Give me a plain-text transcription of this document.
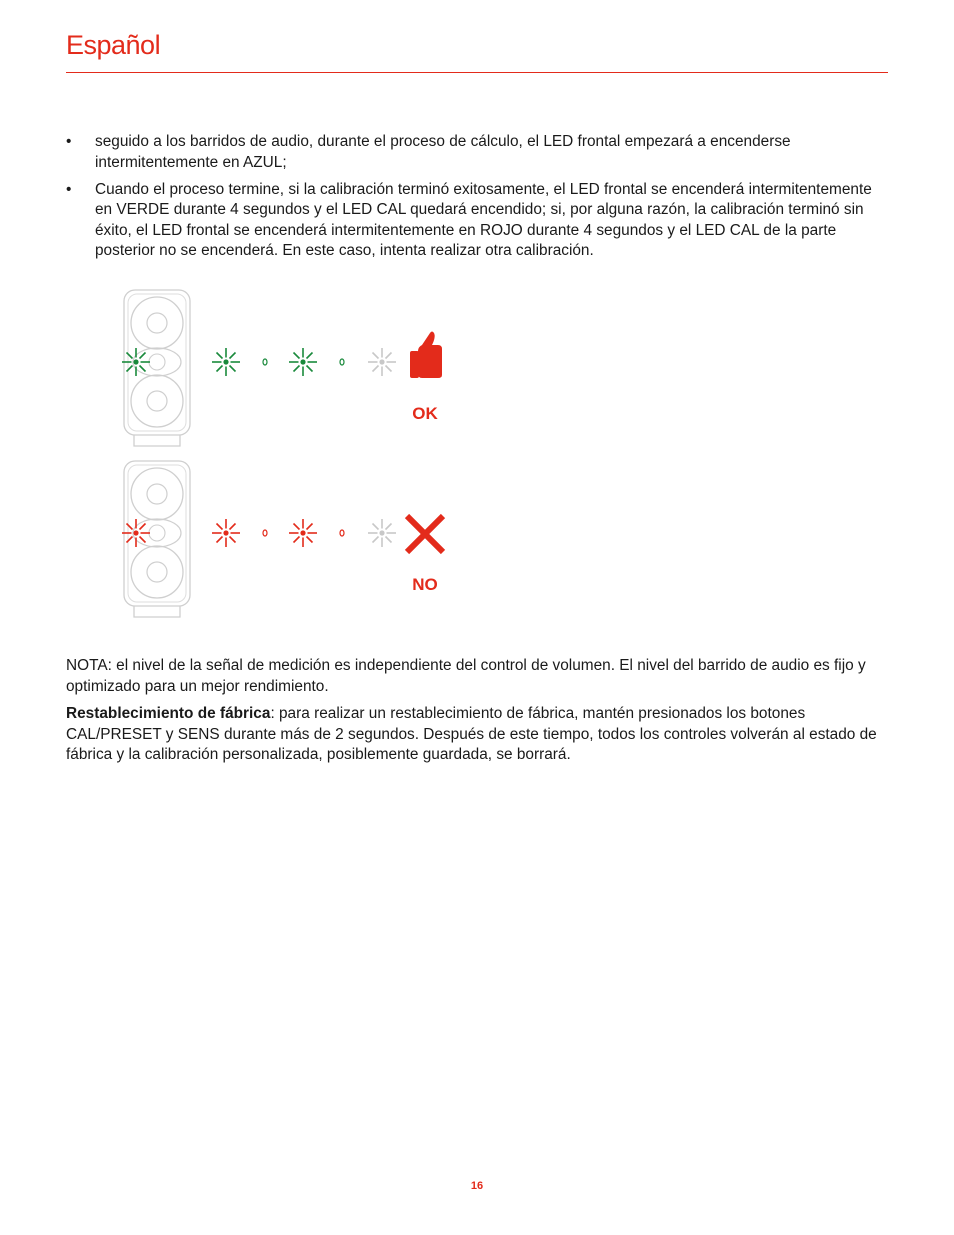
Español
• seguido a los barridos de audio, durante el proceso de cálculo, el LED frontal empezará a encenderse intermitentemente en AZUL;
• Cuando el proceso termine, si la calibración terminó exitosamente, el LED frontal se encenderá intermitentemente en VERDE durante 4 segundos y el LED CAL quedará encendido; si, por alguna razón, la calibración terminó sin éxito, el LED frontal se encenderá intermitentemente en ROJO durante 4 segundos y el LED CAL de la parte posterior no se encenderá. En este caso, intenta realizar otra calibración.
OK
NO

NOTA: el nivel de la señal de medición es independiente del control de volumen. El nivel del barrido de audio es fijo y optimizado para un mejor rendimiento.

Restablecimiento de fábrica: para realizar un restablecimiento de fábrica, mantén presionados los botones CAL/PRESET y SENS durante más de 2 segundos. Después de este tiempo, todos los controles volverán al estado de fábrica y la calibración personalizada, posiblemente guardada, se borrará.

16
